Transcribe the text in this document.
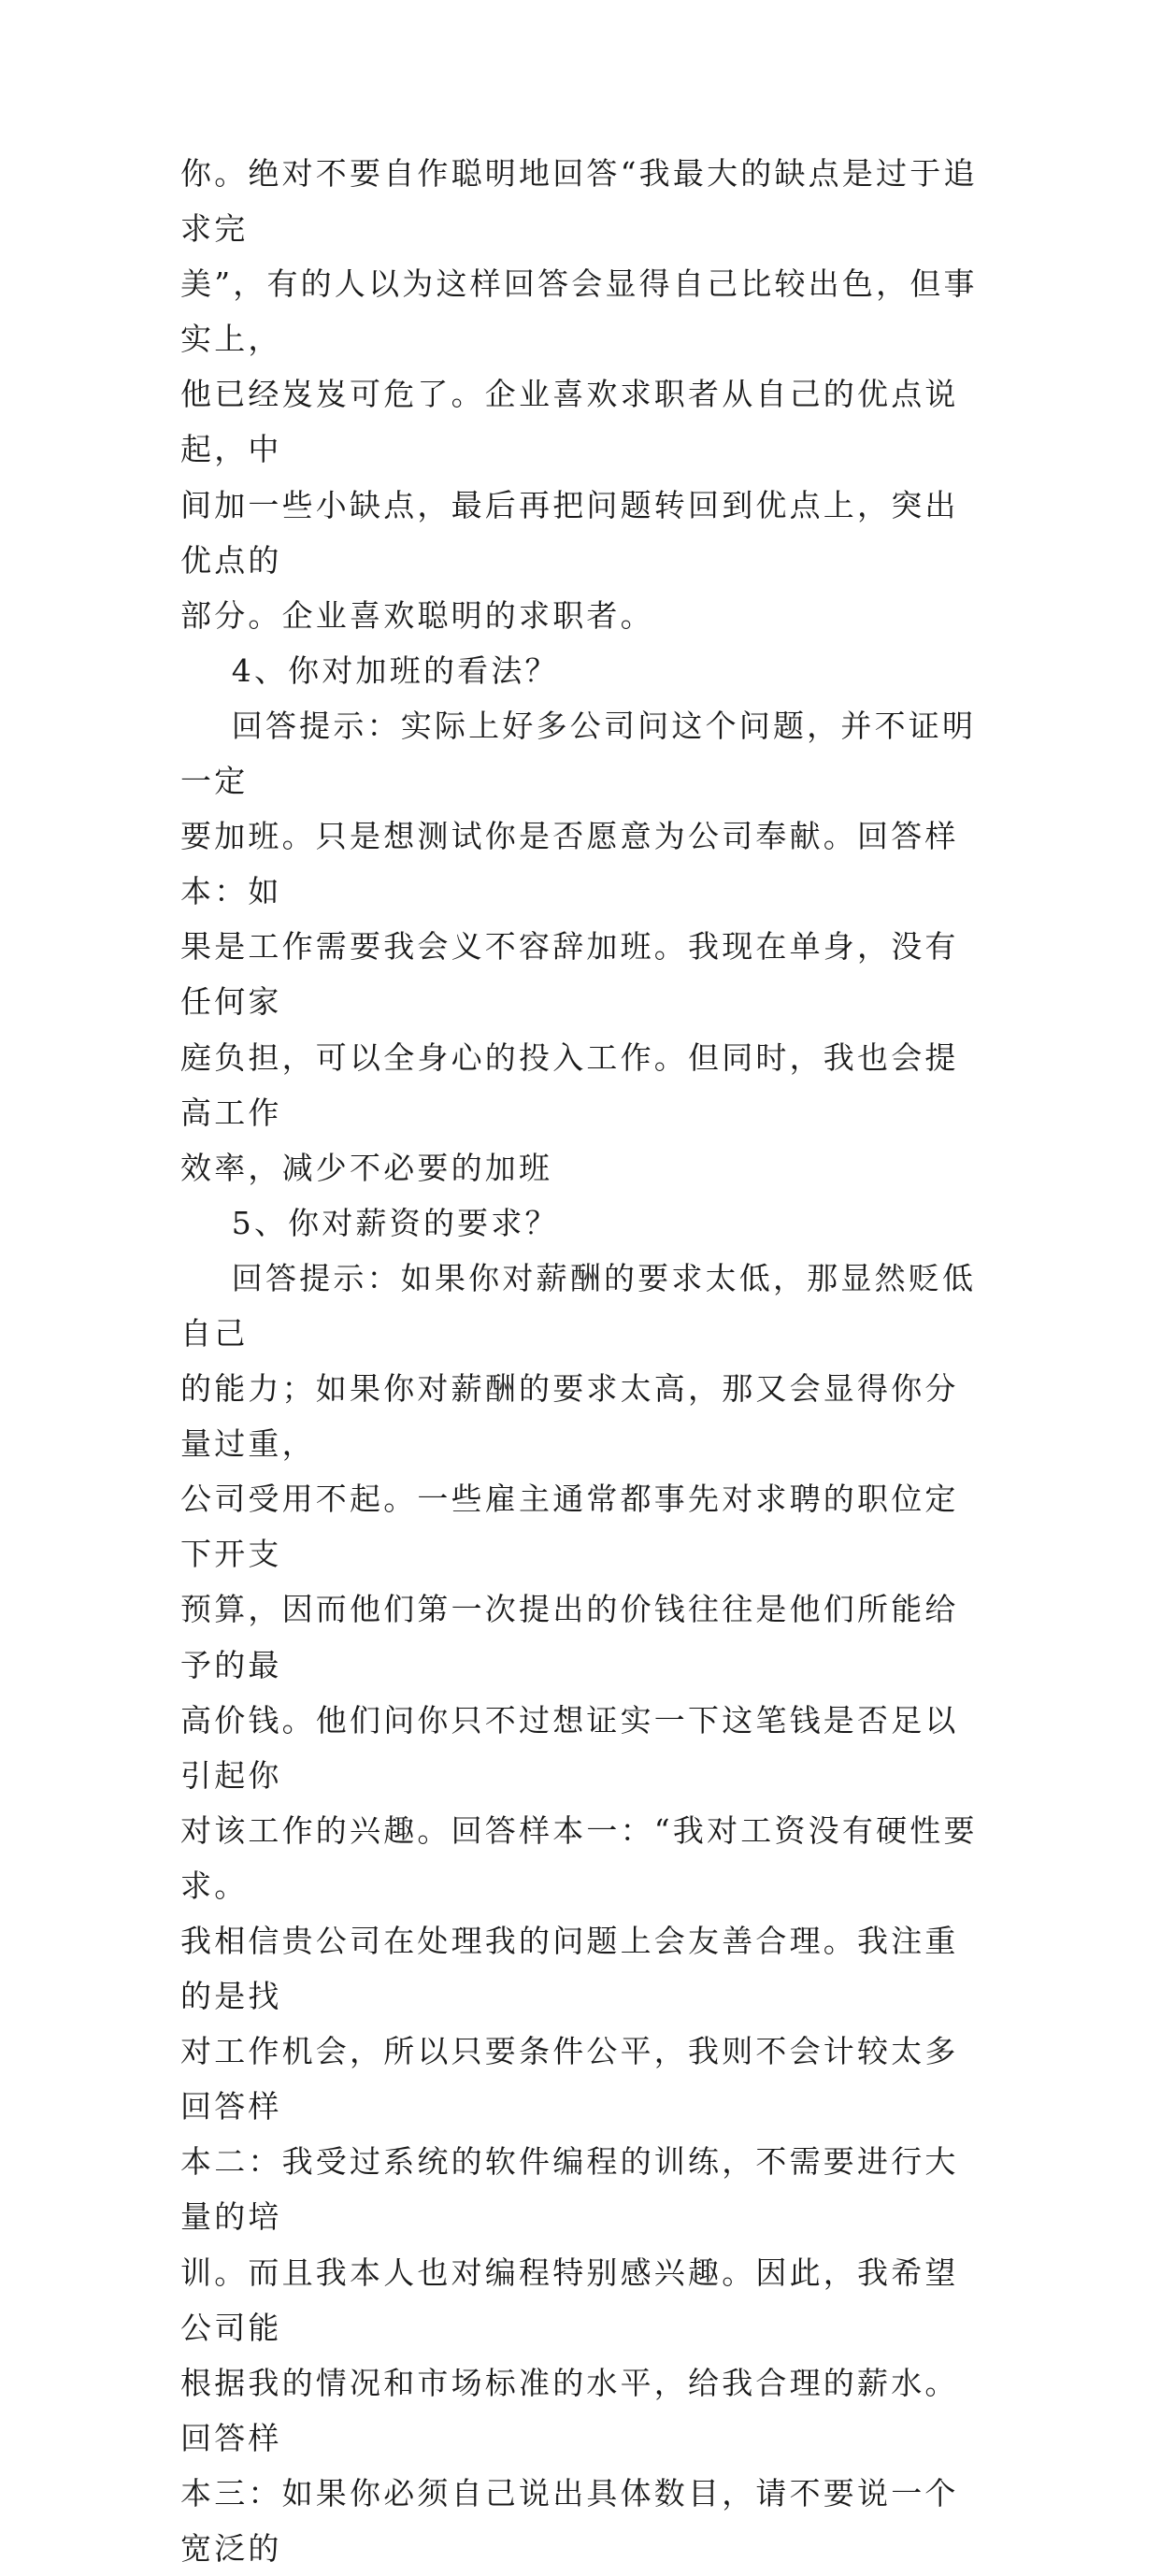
你。绝对不要自作聪明地回答“我最大的缺点是过于追求完
美”，有的人以为这样回答会显得自己比较出色，但事实上，
他已经岌岌可危了。企业喜欢求职者从自己的优点说起，中
间加一些小缺点，最后再把问题转回到优点上，突出优点的
部分。企业喜欢聪明的求职者。

4、你对加班的看法？

回答提示：实际上好多公司问这个问题，并不证明一定
要加班。只是想测试你是否愿意为公司奉献。回答样本：如
果是工作需要我会义不容辞加班。我现在单身，没有任何家
庭负担，可以全身心的投入工作。但同时，我也会提高工作
效率，减少不必要的加班

5、你对薪资的要求？

回答提示：如果你对薪酬的要求太低，那显然贬低自己
的能力；如果你对薪酬的要求太高，那又会显得你分量过重，
公司受用不起。一些雇主通常都事先对求聘的职位定下开支
预算，因而他们第一次提出的价钱往往是他们所能给予的最
高价钱。他们问你只不过想证实一下这笔钱是否足以引起你
对该工作的兴趣。回答样本一：“我对工资没有硬性要求。
我相信贵公司在处理我的问题上会友善合理。我注重的是找
对工作机会，所以只要条件公平，我则不会计较太多回答样
本二：我受过系统的软件编程的训练，不需要进行大量的培
训。而且我本人也对编程特别感兴趣。因此，我希望公司能
根据我的情况和市场标准的水平，给我合理的薪水。回答样
本三：如果你必须自己说出具体数目，请不要说一个宽泛的
